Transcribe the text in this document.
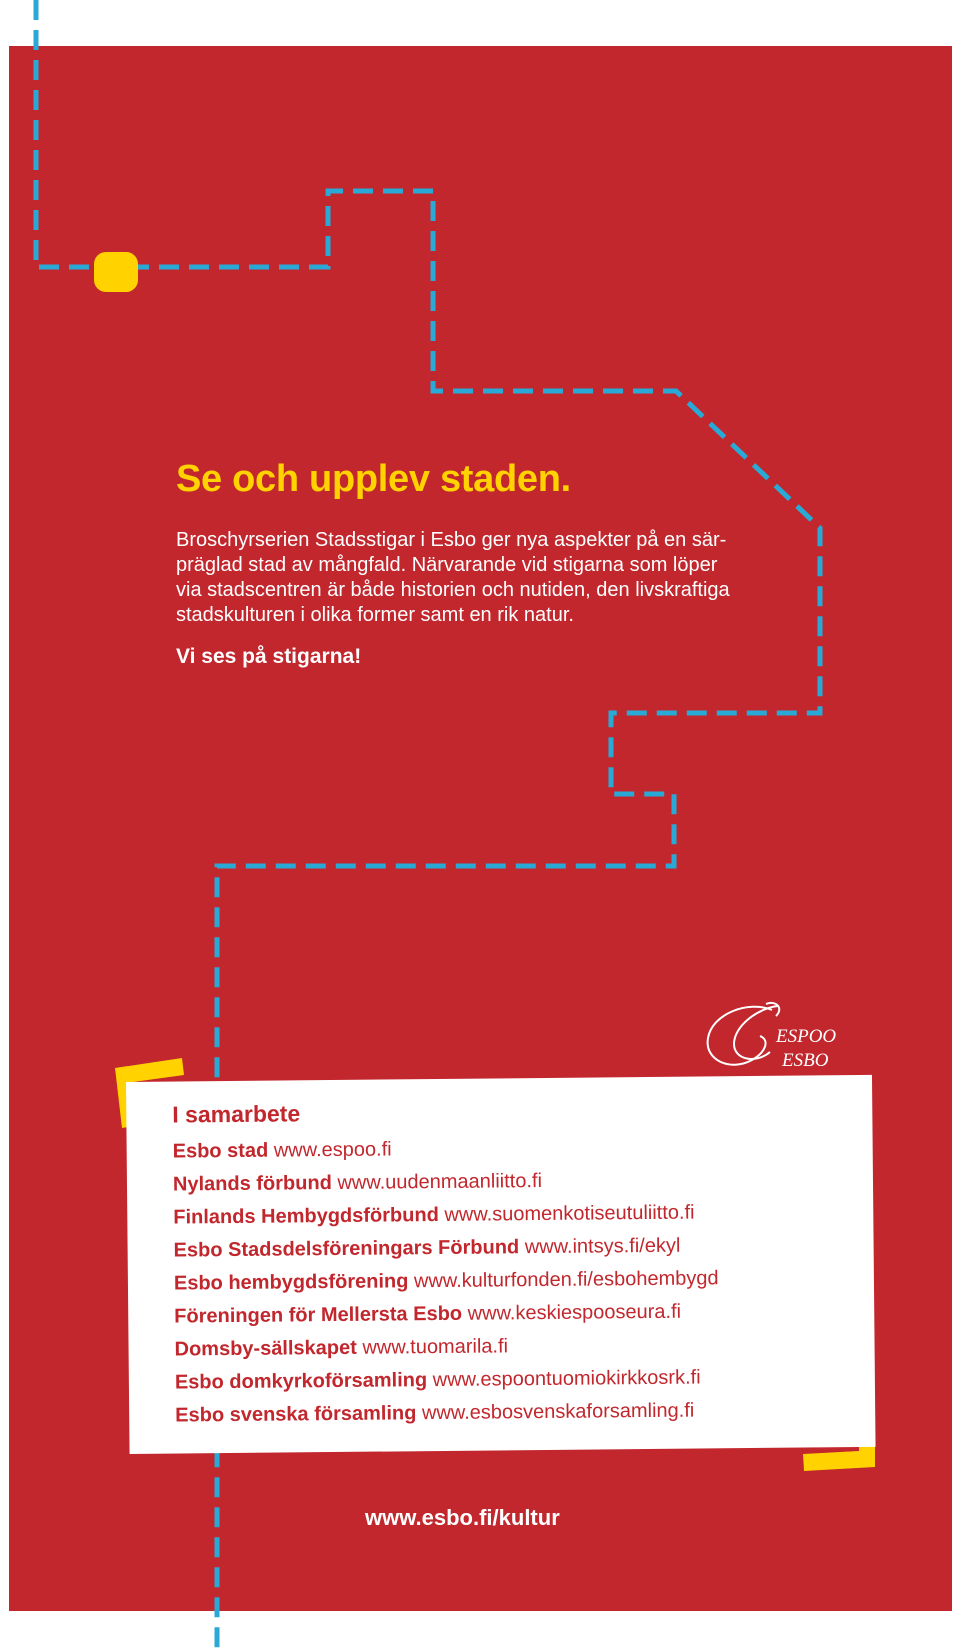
Se och upplev staden.

Broschyrserien Stadsstigar i Esbo ger nya aspekter på en sär-

präglad stad av mångfald. Närvarande vid stigarna som löper

via stadscentren är både historien och nutiden, den livskraftiga

stadskulturen i olika former samt en rik natur.

Vi ses på stigarna!
ESPOO
ESBO
I samarbete
Esbo stad www.espoo.fi
Nylands förbund www.uudenmaanliitto.fi
Finlands Hembygdsförbund www.suomenkotiseutuliitto.fi
Esbo Stadsdelsföreningars Förbund www.intsys.fi/ekyl
Esbo hembygdsförening www.kulturfonden.fi/esbohembygd
Föreningen för Mellersta Esbo www.keskiespooseura.fi
Domsby-sällskapet www.tuomarila.fi
Esbo domkyrkoförsamling www.espoontuomiokirkkosrk.fi
Esbo svenska församling www.esbosvenskaforsamling.fi
www.esbo.fi/kultur
